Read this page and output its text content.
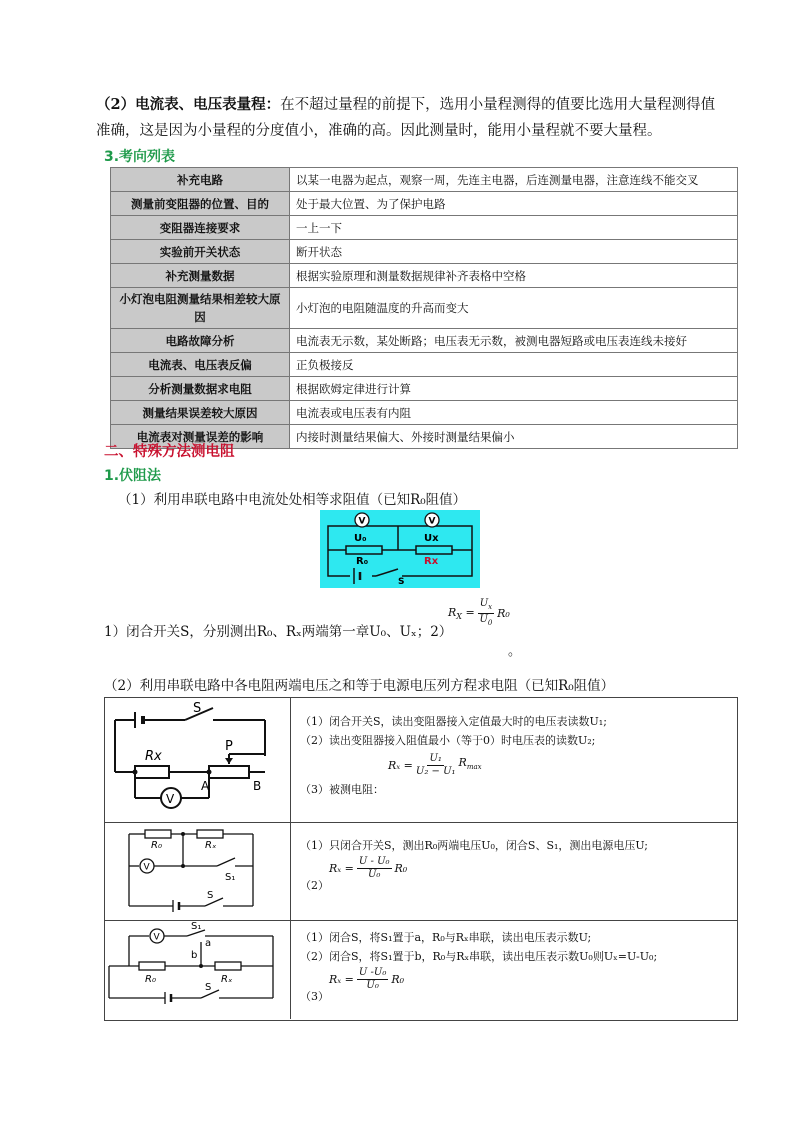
（2）电流表、电压表量程：在不超过量程的前提下，选用小量程测得的值要比选用大量程测得值准确，这是因为小量程的分度值小，准确的高。因此测量时，能用小量程就不要大量程。
3.考向列表
补充电路	以某一电器为起点，观察一周，先连主电器，后连测量电器，注意连线不能交叉
测量前变阻器的位置、目的	处于最大位置、为了保护电路
变阻器连接要求	一上一下
实验前开关状态	断开状态
补充测量数据	根据实验原理和测量数据规律补齐表格中空格
小灯泡电阻测量结果相差较大原因	小灯泡的电阻随温度的升高而变大
电路故障分析	电流表无示数，某处断路；电压表无示数，被测电器短路或电压表连线未接好
电流表、电压表反偏	正负极接反
分析测量数据求电阻	根据欧姆定律进行计算
测量结果误差较大原因	电流表或电压表有内阻
电流表对测量误差的影响	内接时测量结果偏大、外接时测量结果偏小
二、特殊方法测电阻
1.伏阻法
（1）利用串联电路中电流处处相等求阻值（已知R₀阻值）
V	V
U₀	Ux
R₀	Rx
S
1）闭合开关S，分别测出R₀、Rₓ两端第一章U₀、Uₓ；2）
$R_X = \frac{U_x}{U_0} R_0$
。
（2）利用串联电路中各电阻两端电压之和等于电源电压列方程求电阻（已知R₀阻值）
S
Rx
P
A	B
V
（1）闭合开关S，读出变阻器接入定值最大时的电压表读数U₁;
（2）读出变阻器接入阻值最小（等于0）时电压表的读数U₂;
$R_x = \frac{\text{U₁}}{\text{U₂ − U₁}} R_{max}$
（3）被测电阻：
R₀	Rₓ
V
S₁
S
（1）只闭合开关S，测出R₀两端电压U₀，闭合S、S₁，测出电源电压U;
（2）
$R_x = \frac{\text{U - U₀}}{\text{U₀}} R_0$
V
S₁
a
b
R₀	Rₓ
S
（1）闭合S，将S₁置于a，R₀与Rₓ串联，读出电压表示数U;
（2）闭合S，将S₁置于b，R₀与Rₓ串联，读出电压表示数U₀则Uₓ=U-U₀;
（3）
$R_x = \frac{\text{U -U₀}}{\text{U₀}} R_0$
